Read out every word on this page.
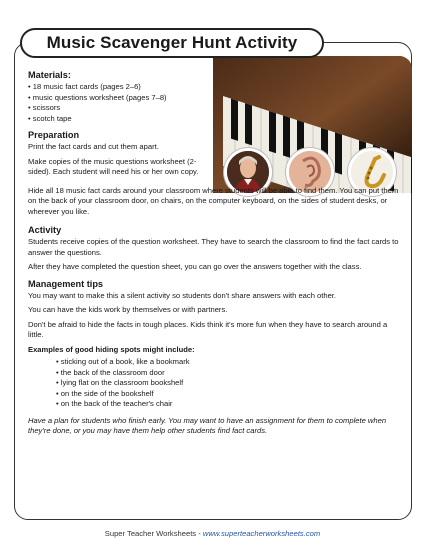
Music Scavenger Hunt Activity
Materials:
• 18 music fact cards (pages 2–6)
• music questions worksheet (pages 7–8)
• scissors
• scotch tape
Preparation

Print the fact cards and cut them apart.

Make copies of the music questions worksheet (2-sided). Each student will need his or her own copy.

Hide all 18 music fact cards around your classroom where students will be able to find them. You can put them on the back of your classroom door, on chairs, on the computer keyboard, on the sides of student desks, or wherever you like.

Activity

Students receive copies of the question worksheet. They have to search the classroom to find the fact cards to answer the questions.

After they have completed the question sheet, you can go over the answers together with the class.

Management tips

You may want to make this a silent activity so students don't share answers with each other.

You can have the kids work by themselves or with partners.

Don't be afraid to hide the facts in tough places. Kids think it's more fun when they have to search around a little.

Examples of good hiding spots might include:
• sticking out of a book, like a bookmark
• the back of the classroom door
• lying flat on the classroom bookshelf
• on the side of the bookshelf
• on the back of the teacher's chair

Have a plan for students who finish early. You may want to have an assignment for them to complete when they're done, or you may have them help other students find fact cards.

Super Teacher Worksheets - www.superteacherworksheets.com
